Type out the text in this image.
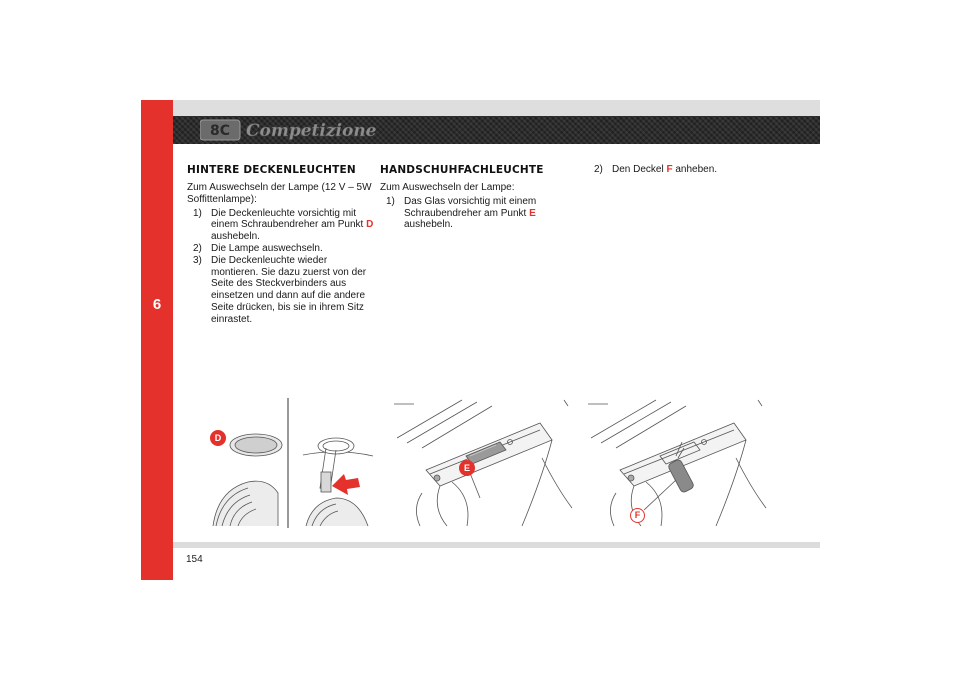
6
8C Competizione
HINTERE DECKENLEUCHTEN
Zum Auswechseln der Lampe (12 V – 5W Soffittenlampe):
1) Die Deckenleuchte vorsichtig mit einem Schraubendreher am Punkt D aushebeln.
2) Die Lampe auswechseln.
3) Die Deckenleuchte wieder montieren. Sie dazu zuerst von der Seite des Steckverbinders aus einsetzen und dann auf die andere Seite drücken, bis sie in ihrem Sitz einrastet.
HANDSCHUHFACHLEUCHTE
Zum Auswechseln der Lampe:
1) Das Glas vorsichtig mit einem Schraubendreher am Punkt E aushebeln.
2) Den Deckel F anheben.
D
E
F
154
